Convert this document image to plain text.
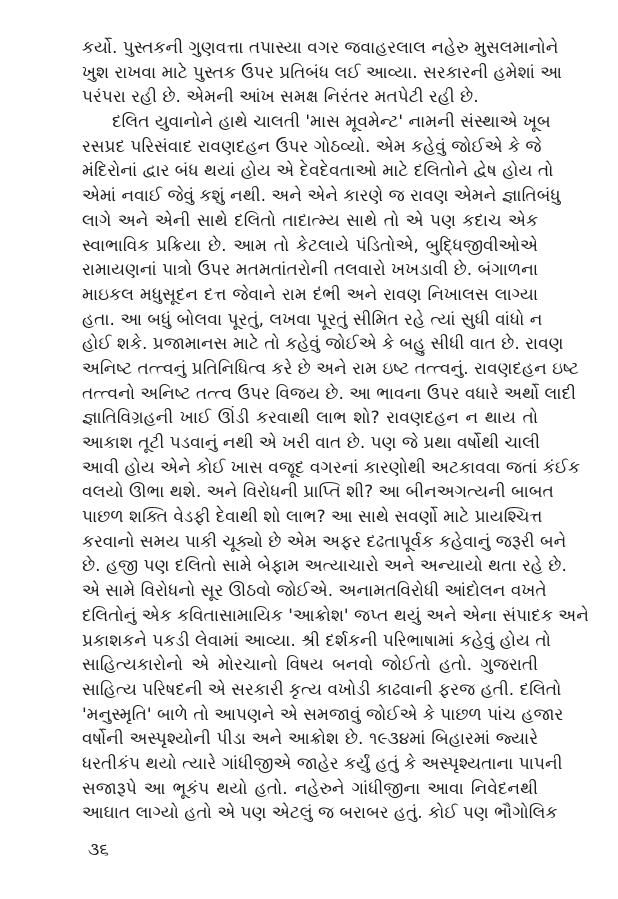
કર્યો. પુસ્તકની ગુણવત્તા તપાસ્યા વગર જવાહરલાલ નહેરુ મુસલમાનોને
ખુશ રાખવા માટે પુસ્તક ઉપર પ્રતિબંધ લઈ આવ્યા. સરકારની હમેશાં આ
પરંપરા રહી છે. એમની આંખ સમક્ષ નિરંતર મતપેટી રહી છે.
દલિત યુવાનોને હાથે ચાલતી 'માસ મૂવમેન્ટ' નામની સંસ્થાએ ખૂબ
રસપ્રદ પરિસંવાદ રાવણદહન ઉપર ગોઠવ્યો. એમ કહેવું જોઈએ કે જે
મંદિરોનાં દ્વાર બંધ થયાં હોય એ દેવદેવતાઓ માટે દલિતોને દ્વેષ હોય તો
એમાં નવાઈ જેવું કશું નથી. અને એને કારણે જ રાવણ એમને જ્ઞાતિબંધુ
લાગે અને એની સાથે દલિતો તાદાત્મ્ય સાથે તો એ પણ કદાચ એક
સ્વાભાવિક પ્રક્રિયા છે. આમ તો કેટલાયે પંડિતોએ, બુદ્ધિજીવીઓએ
રામાયણનાં પાત્રો ઉપર મતમતાંતરોની તલવારો ખખડાવી છે. બંગાળના
માઇકલ મધુસૂદન દત્ત જેવાને રામ દંભી અને રાવણ નિખાલસ લાગ્યા
હતા. આ બધું બોલવા પૂરતું, લખવા પૂરતું સીમિત રહે ત્યાં સુધી વાંધો ન
હોઈ શકે. પ્રજામાનસ માટે તો કહેવું જોઈએ કે બહુ સીધી વાત છે. રાવણ
અનિષ્ટ તત્ત્વનું પ્રતિનિધિત્વ કરે છે અને રામ ઇષ્ટ તત્ત્વનું. રાવણદહન ઇષ્ટ
તત્ત્વનો અનિષ્ટ તત્ત્વ ઉપર વિજય છે. આ ભાવના ઉપર વધારે અર્થો લાદી
જ્ઞાતિવિગ્રહની ખાઈ ઊંડી કરવાથી લાભ શો? રાવણદહન ન થાય તો
આકાશ તૂટી પડવાનું નથી એ ખરી વાત છે. પણ જે પ્રથા વર્ષોથી ચાલી
આવી હોય એને કોઈ ખાસ વજૂદ વગરનાં કારણોથી અટકાવવા જતાં કંઈક
વલયો ઊભા થશે. અને વિરોધની પ્રાપ્તિ શી? આ બીનઅગત્યની બાબત
પાછળ શક્તિ વેડફી દેવાથી શો લાભ? આ સાથે સવર્ણો માટે પ્રાયશ્ચિત્ત
કરવાનો સમય પાકી ચૂક્યો છે એમ અફર દઢતાપૂર્વક કહેવાનું જરૂરી બને
છે. હજી પણ દલિતો સામે બેફામ અત્યાચારો અને અન્યાયો થતા રહે છે.
એ સામે વિરોધનો સૂર ઊઠવો જોઈએ. અનામતવિરોધી આંદોલન વખતે
દલિતોનું એક કવિતાસામાયિક 'આક્રોશ' જપ્ત થયું અને એના સંપાદક અને
પ્રકાશકને પકડી લેવામાં આવ્યા. શ્રી દર્શકની પરિભાષામાં કહેવું હોય તો
સાહિત્યકારોનો એ મોરચાનો વિષય બનવો જોઈતો હતો. ગુજરાતી
સાહિત્ય પરિષદની એ સરકારી કૃત્ય વખોડી કાઢવાની ફરજ હતી. દલિતો
'મનુસ્મૃતિ' બાળે તો આપણને એ સમજાવું જોઈએ કે પાછળ પાંચ હજાર
વર્ષોની અસ્પૃશ્યોની પીડા અને આક્રોશ છે. ૧૯૩૪માં બિહારમાં જ્યારે
ધરતીકંપ થયો ત્યારે ગાંધીજીએ જાહેર કર્યું હતું કે અસ્પૃશ્યતાના પાપની
સજારૂપે આ ભૂકંપ થયો હતો. નહેરુને ગાંધીજીના આવા નિવેદનથી
આઘાત લાગ્યો હતો એ પણ એટલું જ બરાબર હતું. કોઈ પણ ભૌગોલિક
૩૬
